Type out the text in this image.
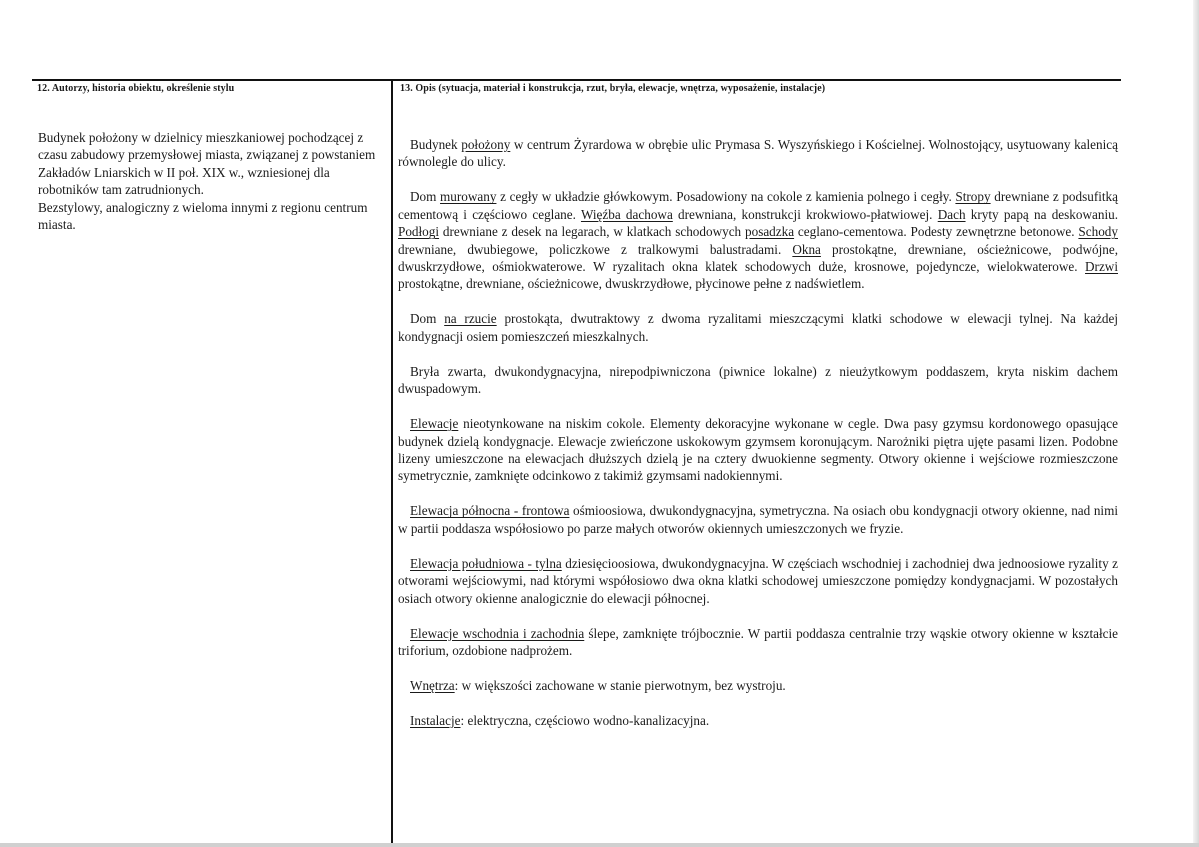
12. Autorzy, historia obiektu, określenie stylu	13. Opis (sytuacja, materiał i konstrukcja, rzut, bryła, elewacje, wnętrza, wyposażenie, instalacje)

Budynek położony w dzielnicy mieszkaniowej pochodzącej z czasu zabudowy przemysłowej miasta, związanej z powstaniem Zakładów Lniarskich w II poł. XIX w., wzniesionej dla robotników tam zatrudnionych.

Bezstylowy, analogiczny z wieloma innymi z regionu centrum miasta.

Budynek położony w centrum Żyrardowa w obrębie ulic Prymasa S. Wyszyńskiego i Kościelnej. Wolnostojący, usytuowany kalenicą równolegle do ulicy.

Dom murowany z cegły w układzie główkowym. Posadowiony na cokole z kamienia polnego i cegły. Stropy drewniane z podsufitką cementową i częściowo ceglane. Więźba dachowa drewniana, konstrukcji krokwiowo-płatwiowej. Dach kryty papą na deskowaniu. Podłogi drewniane z desek na legarach, w klatkach schodowych posadzka ceglano-cementowa. Podesty zewnętrzne betonowe. Schody drewniane, dwubiegowe, policzkowe z tralkowymi balustradami. Okna prostokątne, drewniane, ościeżnicowe, podwójne, dwuskrzydłowe, ośmiokwaterowe. W ryzalitach okna klatek schodowych duże, krosnowe, pojedyncze, wielokwaterowe. Drzwi prostokątne, drewniane, ościeżnicowe, dwuskrzydłowe, płycinowe pełne z nadświetlem.

Dom na rzucie prostokąta, dwutraktowy z dwoma ryzalitami mieszczącymi klatki schodowe w elewacji tylnej. Na każdej kondygnacji osiem pomieszczeń mieszkalnych.

Bryła zwarta, dwukondygnacyjna, nirepodpiwniczona (piwnice lokalne) z nieużytkowym poddaszem, kryta niskim dachem dwuspadowym.

Elewacje nieotynkowane na niskim cokole. Elementy dekoracyjne wykonane w cegle. Dwa pasy gzymsu kordonowego opasujące budynek dzielą kondygnacje. Elewacje zwieńczone uskokowym gzymsem koronującym. Narożniki piętra ujęte pasami lizen. Podobne lizeny umieszczone na elewacjach dłuższych dzielą je na cztery dwuokienne segmenty. Otwory okienne i wejściowe rozmieszczone symetrycznie, zamknięte odcinkowo z takimiż gzymsami nadokiennymi.

Elewacja północna - frontowa ośmioosiowa, dwukondygnacyjna, symetryczna. Na osiach obu kondygnacji otwory okienne, nad nimi w partii poddasza współosiowo po parze małych otworów okiennych umieszczonych we fryzie.

Elewacja południowa - tylna dziesięcioosiowa, dwukondygnacyjna. W częściach wschodniej i zachodniej dwa jednoosiowe ryzality z otworami wejściowymi, nad którymi współosiowo dwa okna klatki schodowej umieszczone pomiędzy kondygnacjami. W pozostałych osiach otwory okienne analogicznie do elewacji północnej.

Elewacje wschodnia i zachodnia ślepe, zamknięte trójbocznie. W partii poddasza centralnie trzy wąskie otwory okienne w kształcie triforium, ozdobione nadprożem.

Wnętrza: w większości zachowane w stanie pierwotnym, bez wystroju.

Instalacje: elektryczna, częściowo wodno-kanalizacyjna.
